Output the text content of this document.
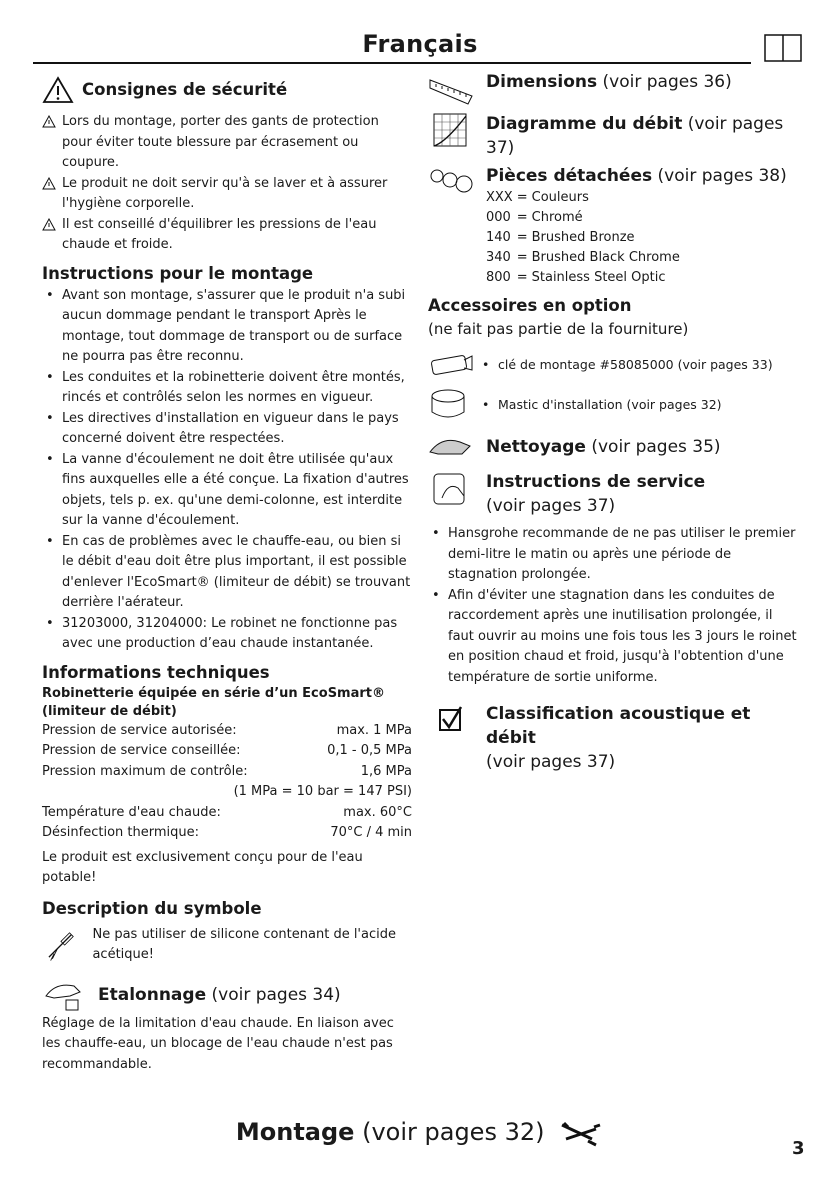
Français
Consignes de sécurité
Lors du montage, porter des gants de protection pour éviter toute blessure par écrasement ou coupure.
Le produit ne doit servir qu'à se laver et à assurer l'hygiène corporelle.
Il est conseillé d'équilibrer les pressions de l'eau chaude et froide.
Instructions pour le montage
• Avant son montage, s'assurer que le produit n'a subi aucun dommage pendant le transport Après le montage, tout dommage de transport ou de surface ne pourra pas être reconnu.
• Les conduites et la robinetterie doivent être montés, rincés et contrôlés selon les normes en vigueur.
• Les directives d'installation en vigueur dans le pays concerné doivent être respectées.
• La vanne d'écoulement ne doit être utilisée qu'aux fins auxquelles elle a été conçue. La fixation d'autres objets, tels p. ex. qu'une demi-colonne, est interdite sur la vanne d'écoulement.
• En cas de problèmes avec le chauffe-eau, ou bien si le débit d'eau doit être plus important, il est possible d'enlever l'EcoSmart® (limiteur de débit) se trouvant derrière l'aérateur.
• 31203000, 31204000: Le robinet ne fonctionne pas avec une production d’eau chaude instantanée.
Informations techniques
Robinetterie équipée en série d’un EcoSmart® (limiteur de débit)
Pression de service autorisée:	max. 1 MPa
Pression de service conseillée:	0,1 - 0,5 MPa
Pression maximum de contrôle:	1,6 MPa
(1 MPa = 10 bar = 147 PSI)
Température d'eau chaude:	max. 60°C
Désinfection thermique:	70°C / 4 min
Le produit est exclusivement conçu pour de l'eau potable!
Description du symbole
Ne pas utiliser de silicone contenant de l'acide acétique!
Etalonnage (voir pages 34)
Réglage de la limitation d'eau chaude. En liaison avec les chauffe-eau, un blocage de l'eau chaude n'est pas recommandable.
Dimensions (voir pages 36)
Diagramme du débit (voir pages 37)
Pièces détachées (voir pages 38)
XXX	=	Couleurs
000	=	Chromé
140	=	Brushed Bronze
340	=	Brushed Black Chrome
800	=	Stainless Steel Optic
Accessoires en option
(ne fait pas partie de la fourniture)
• clé de montage #58085000 (voir pages 33)
• Mastic d'installation (voir pages 32)
Nettoyage (voir pages 35)
Instructions de service
(voir pages 37)
• Hansgrohe recommande de ne pas utiliser le premier demi-litre le matin ou après une période de stagnation prolongée.
• Afin d'éviter une stagnation dans les conduites de raccordement après une inutilisation prolongée, il faut ouvrir au moins une fois tous les 3 jours le roinet en position chaud et froid, jusqu'à l'obtention d'une température de sortie uniforme.
Classification acoustique et débit
(voir pages 37)
Montage (voir pages 32)
3
